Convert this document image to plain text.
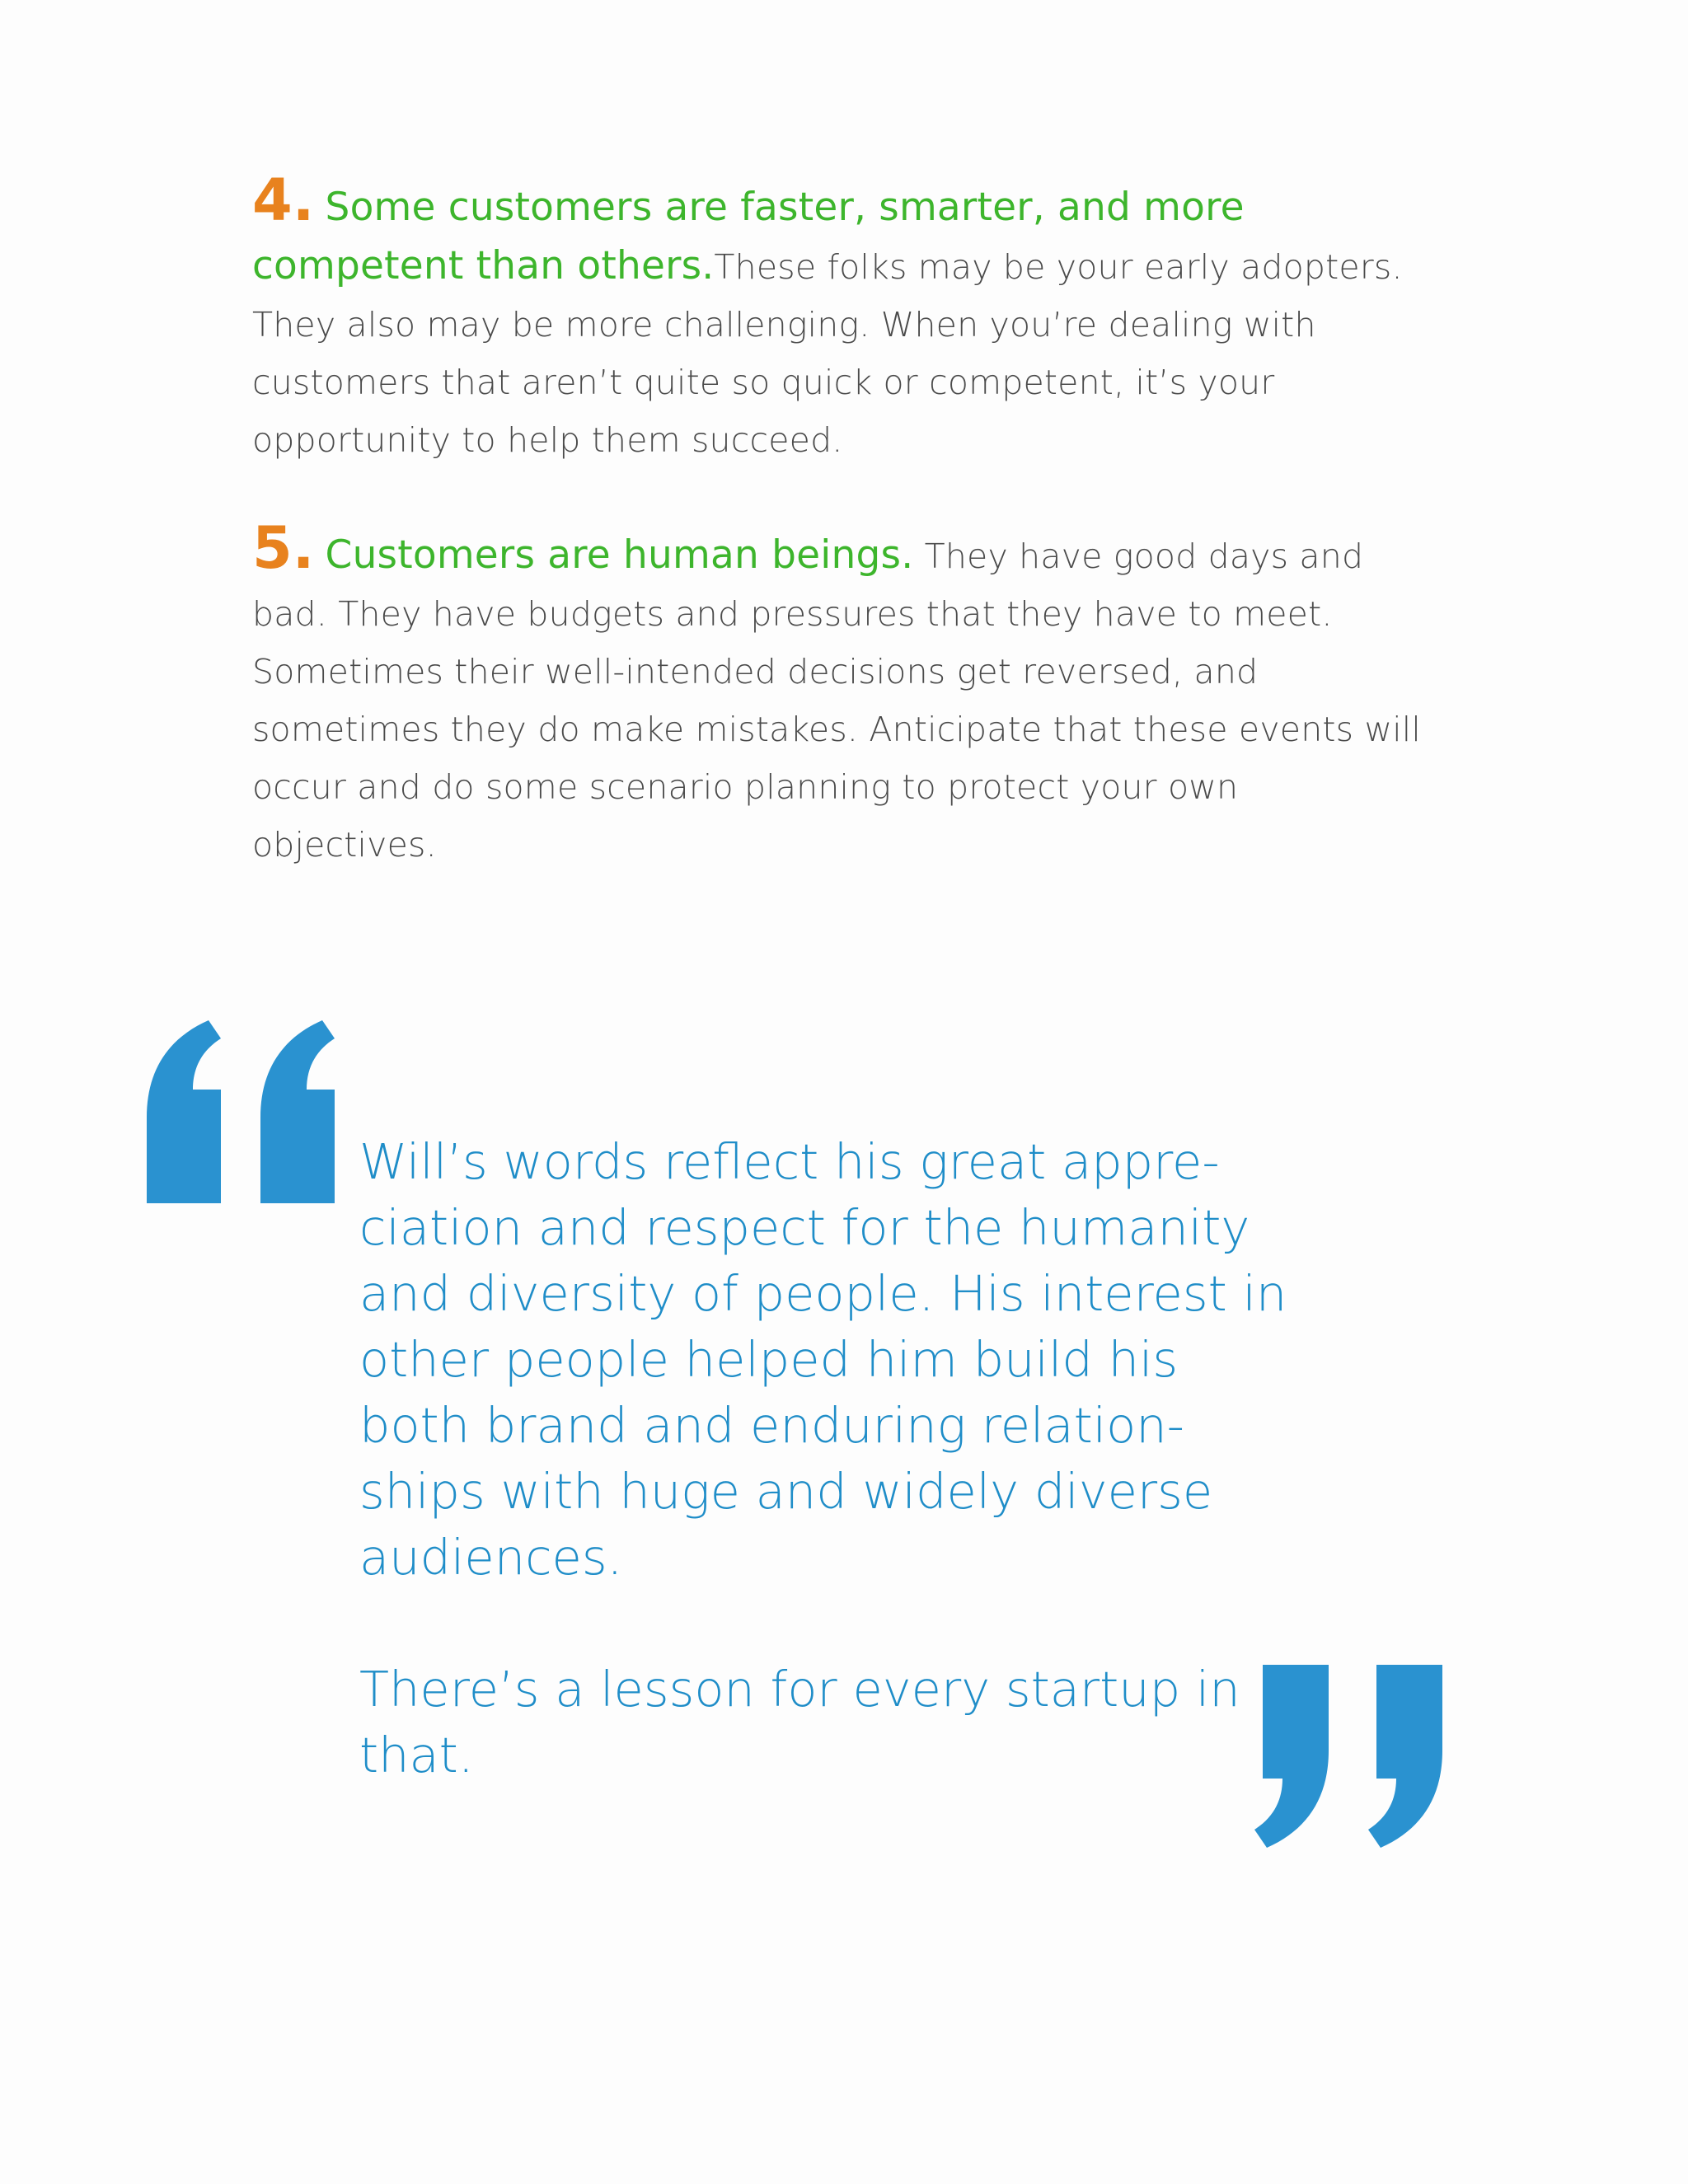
4. Some customers are faster, smarter, and more competent than others.These folks may be your early adopters. They also may be more challenging. When you’re dealing with customers that aren’t quite so quick or competent, it’s your opportunity to help them succeed.
5. Customers are human beings. They have good days and bad. They have budgets and pressures that they have to meet. Sometimes their well-intended decisions get reversed, and sometimes they do make mistakes. Anticipate that these events will occur and do some scenario planning to protect your own objectives.

Will’s words reflect his great appre-ciation and respect for the humanity and diversity of people. His interest in other people helped him build his both brand and enduring relation-ships with huge and widely diverse audiences.

There’s a lesson for every startup in that.
